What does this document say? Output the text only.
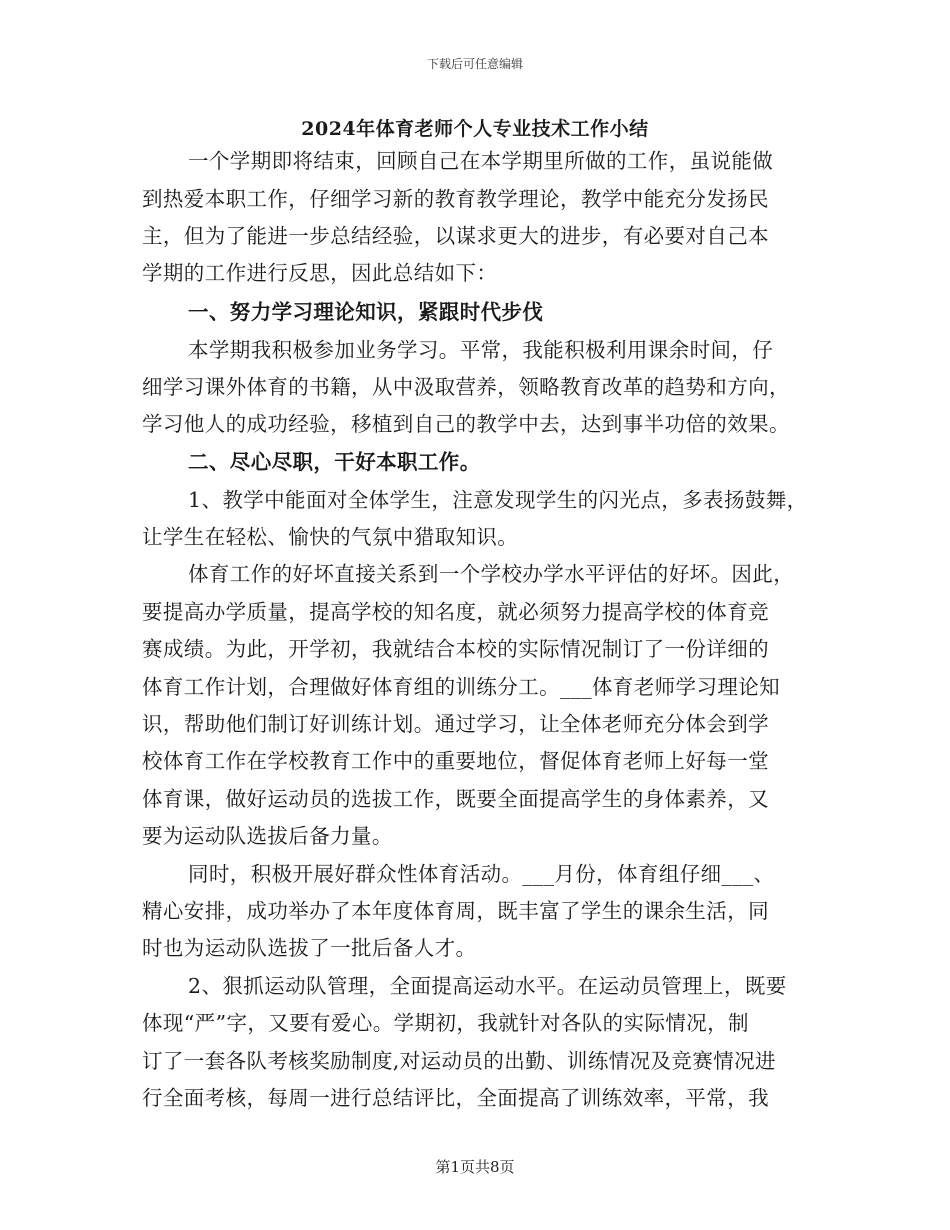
下载后可任意编辑
2024年体育老师个人专业技术工作小结
一个学期即将结束，回顾自己在本学期里所做的工作，虽说能做
到热爱本职工作，仔细学习新的教育教学理论，教学中能充分发扬民
主，但为了能进一步总结经验，以谋求更大的进步，有必要对自己本
学期的工作进行反思，因此总结如下：
一、努力学习理论知识，紧跟时代步伐
本学期我积极参加业务学习。平常，我能积极利用课余时间，仔
细学习课外体育的书籍，从中汲取营养，领略教育改革的趋势和方向，
学习他人的成功经验，移植到自己的教学中去，达到事半功倍的效果。
二、尽心尽职，干好本职工作。
1、教学中能面对全体学生，注意发现学生的闪光点，多表扬鼓舞，
让学生在轻松、愉快的气氛中猎取知识。
体育工作的好坏直接关系到一个学校办学水平评估的好坏。因此，
要提高办学质量，提高学校的知名度，就必须努力提高学校的体育竞
赛成绩。为此，开学初，我就结合本校的实际情况制订了一份详细的
体育工作计划，合理做好体育组的训练分工。___体育老师学习理论知
识，帮助他们制订好训练计划。通过学习，让全体老师充分体会到学
校体育工作在学校教育工作中的重要地位，督促体育老师上好每一堂
体育课，做好运动员的选拔工作，既要全面提高学生的身体素养，又
要为运动队选拔后备力量。
同时，积极开展好群众性体育活动。___月份，体育组仔细___、
精心安排，成功举办了本年度体育周，既丰富了学生的课余生活，同
时也为运动队选拔了一批后备人才。
2、狠抓运动队管理，全面提高运动水平。在运动员管理上，既要
体现“严”字，又要有爱心。学期初，我就针对各队的实际情况，制
订了一套各队考核奖励制度,对运动员的出勤、训练情况及竞赛情况进
行全面考核，每周一进行总结评比，全面提高了训练效率，平常，我
第1页共8页
